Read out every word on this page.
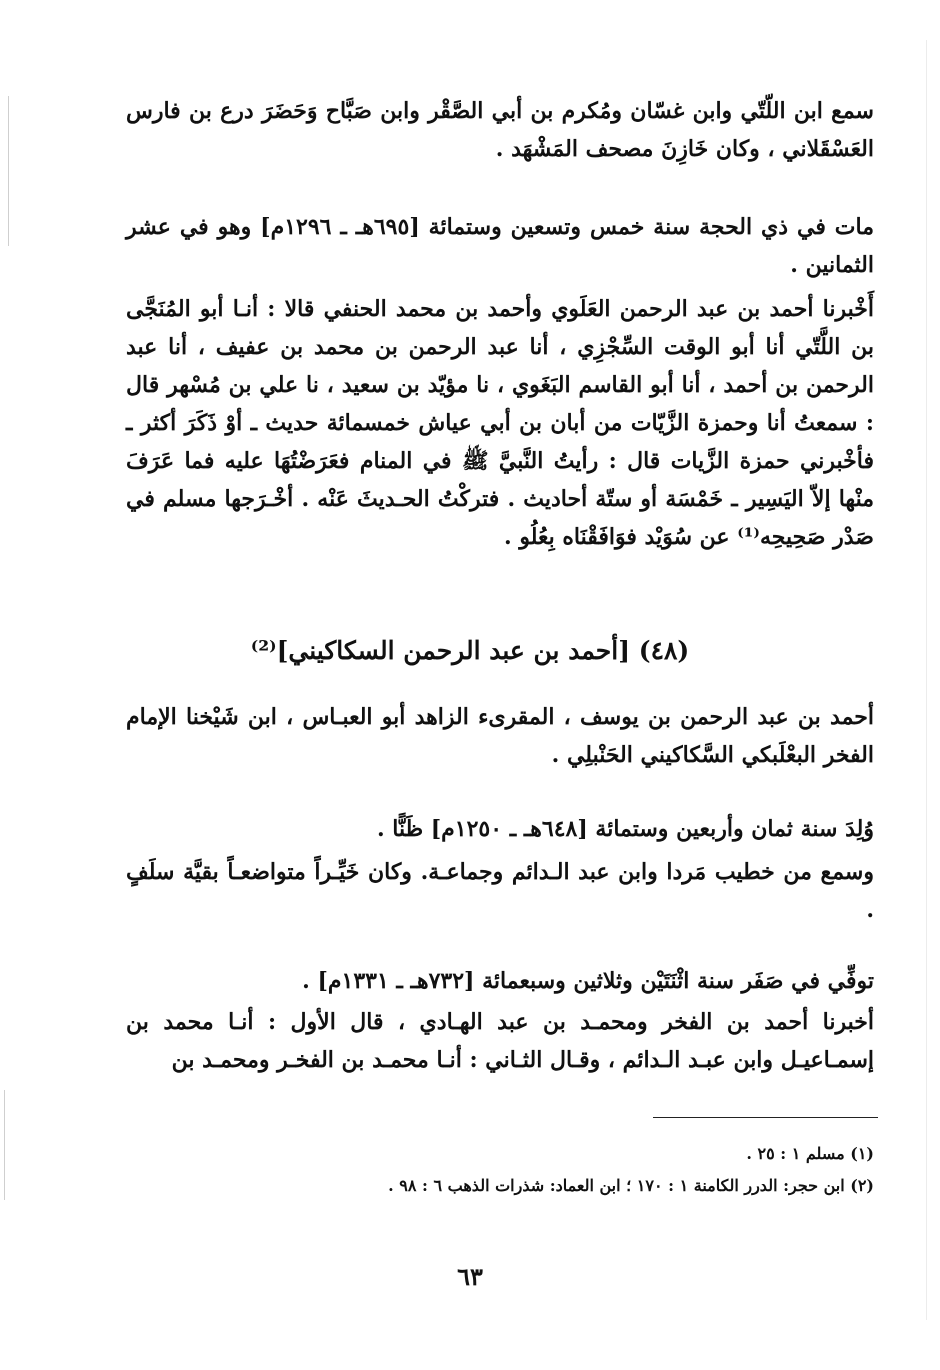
سمع ابن اللّتّي وابن غسّان ومُكرم بن أبي الصَّقْر وابن صَبَّاح وَحَضَرَ درع بن فارس العَسْقَلاني ، وكان خَازِنَ مصحف المَشْهَد .
مات في ذي الحجة سنة خمس وتسعين وستمائة [٦٩٥هـ ـ ١٢٩٦م] وهو في عشر الثمانين .
أَخْبرنا أحمد بن عبد الرحمن العَلَوي وأحمد بن محمد الحنفي قالا : أنـا أبو المُنَجَّى بن اللَّتّي أنا أبو الوقت السِّجْزِي ، أنا عبد الرحمن بن محمد بن عفيف ، أنا عبد الرحمن بن أحمد ، أنا أبو القاسم البَغَوي ، نا مؤيّد بن سعيد ، نا علي بن مُسْهر قال : سمعتُ أنا وحمزة الزَّيّات من أبان بن أبي عياش خمسمائة حديث ـ أوْ ذَكَرَ أكثر ـ فأخْبرني حمزة الزَّيات قال : رأيتُ النَّبيَّ ﷺ في المنام فعَرَضْتُهَا عليه فما عَرَفَ منْها إلاّ اليَسِير ـ خَمْسَة أو ستّة أحاديث . فتركْتُ الحـديثَ عَنْه . أخْـرَجها مسلم في صَدْر صَحِيحِه⁽¹⁾ عن سُوَيْد فوَافَقْنَاه بِعُلُو .
(٤٨) [أحمد بن عبد الرحمن السكاكيني]⁽²⁾
أحمد بن عبد الرحمن بن يوسف ، المقرىء الزاهد أبو العبـاس ، ابن شَيْخنا الإمام الفخر البعْلَبكي السَّكاكيني الحَنْبلِي .
وُلِدَ سنة ثمان وأربعين وستمائة [٦٤٨هـ ـ ١٢٥٠م] ظَنًّا .
وسمع من خطيب مَردا وابن عبد الـدائم وجماعـة. وكان خَيِّـراً متواضعـاً بقيَّة سلَفٍ .
توفِّي في صَفَر سنة اثْنَتَيْن وثلاثين وسبعمائة [٧٣٢هـ ـ ١٣٣١م] .
أخبرنا أحمد بن الفخر ومحمـد بن عبد الهـادي ، قال الأول : أنـا محمد بن إسمـاعيـل وابن عبـد الـدائم ، وقـال الثـاني : أنـا محمـد بن الفخـر ومحمـد بن
(١) مسلم ١ : ٢٥ .
(٢) ابن حجر: الدرر الكامنة ١ : ١٧٠ ؛ ابن العماد: شذرات الذهب ٦ : ٩٨ .
٦٣
